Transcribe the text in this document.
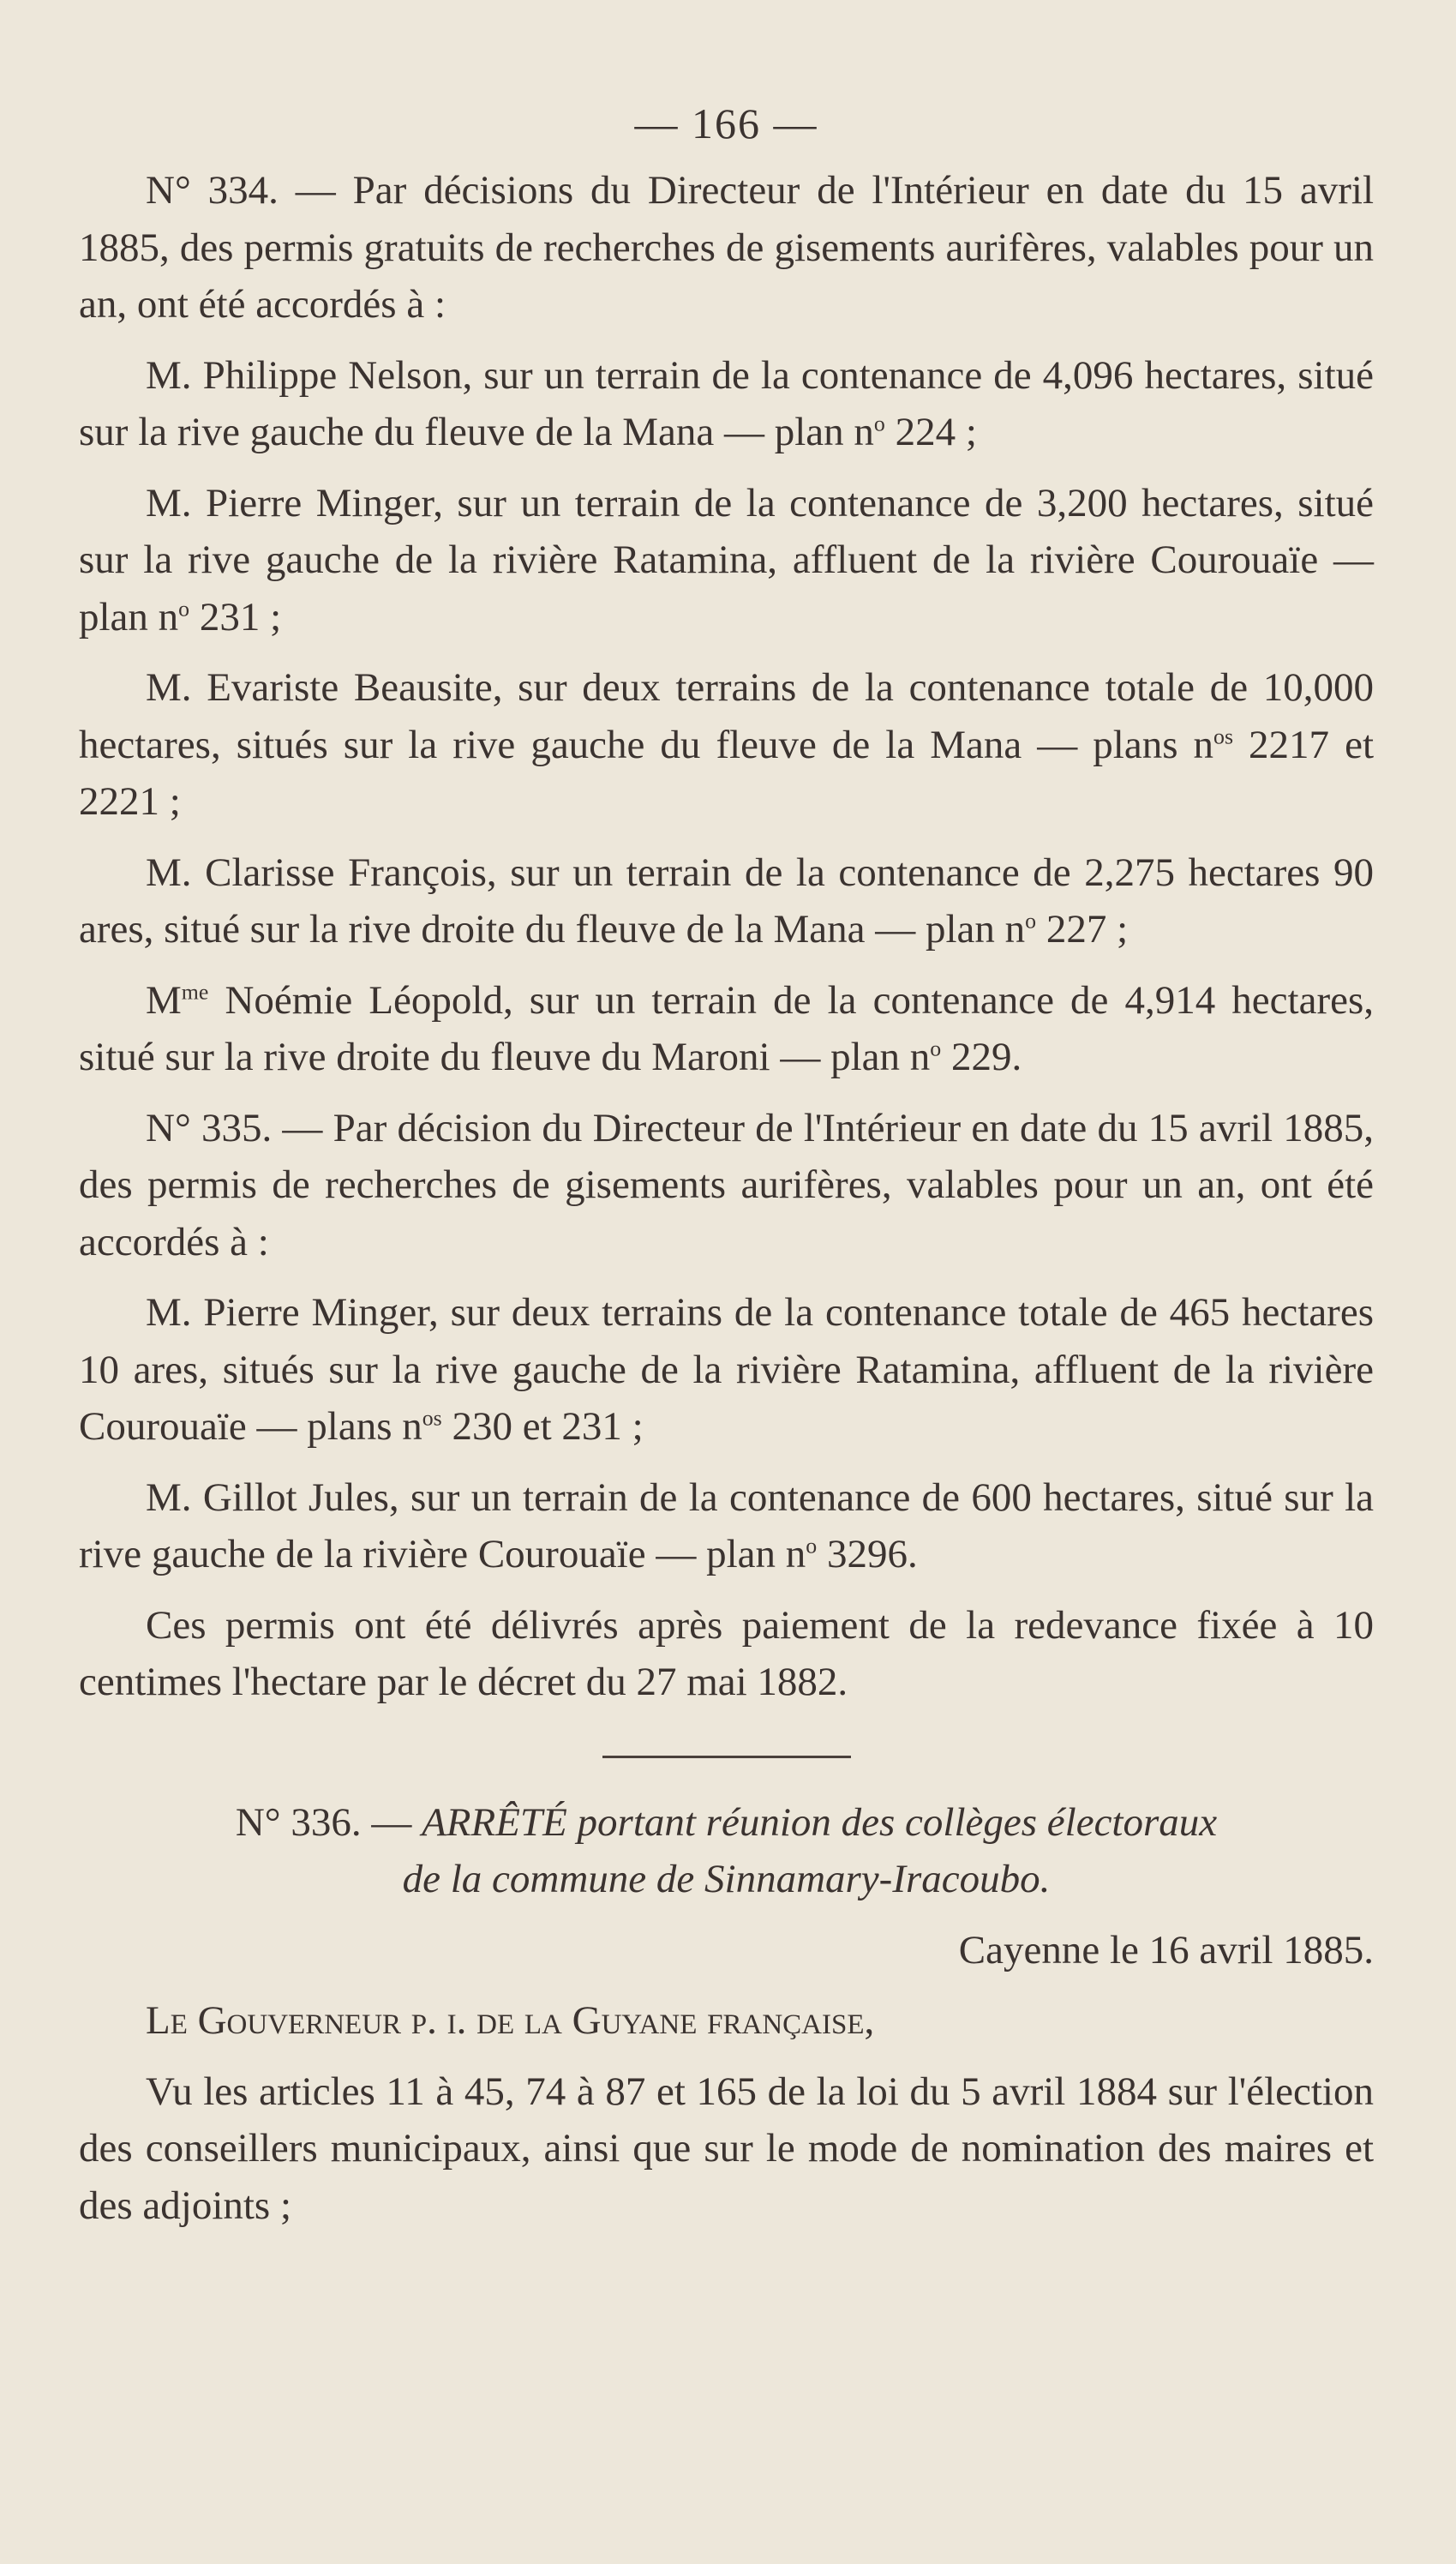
— 166 —

N° 334. — Par décisions du Directeur de l'Intérieur en date du 15 avril 1885, des permis gratuits de recherches de gisements aurifères, valables pour un an, ont été accordés à :

M. Philippe Nelson, sur un terrain de la contenance de 4,096 hectares, situé sur la rive gauche du fleuve de la Mana — plan $n^o$ 224 ;

M. Pierre Minger, sur un terrain de la contenance de 3,200 hectares, situé sur la rive gauche de la rivière Ratamina, affluent de la rivière Courouaïe — plan $n^o$ 231 ;

M. Evariste Beausite, sur deux terrains de la contenance totale de 10,000 hectares, situés sur la rive gauche du fleuve de la Mana — plans $n^{os}$ 2217 et 2221 ;

M. Clarisse François, sur un terrain de la contenance de 2,275 hectares 90 ares, situé sur la rive droite du fleuve de la Mana — plan $n^o$ 227 ;

$M^{me}$ Noémie Léopold, sur un terrain de la contenance de 4,914 hectares, situé sur la rive droite du fleuve du Maroni — plan $n^o$ 229.

N° 335. — Par décision du Directeur de l'Intérieur en date du 15 avril 1885, des permis de recherches de gisements aurifères, valables pour un an, ont été accordés à :

M. Pierre Minger, sur deux terrains de la contenance totale de 465 hectares 10 ares, situés sur la rive gauche de la rivière Ratamina, affluent de la rivière Courouaïe — plans $n^{os}$ 230 et 231 ;

M. Gillot Jules, sur un terrain de la contenance de 600 hectares, situé sur la rive gauche de la rivière Courouaïe — plan $n^o$ 3296.

Ces permis ont été délivrés après paiement de la redevance fixée à 10 centimes l'hectare par le décret du 27 mai 1882.

N° 336. — ARRÊTÉ portant réunion des collèges électoraux

de la commune de Sinnamary-Iracoubo.

Cayenne le 16 avril 1885.

Le Gouverneur p. i. de la Guyane française,

Vu les articles 11 à 45, 74 à 87 et 165 de la loi du 5 avril 1884 sur l'élection des conseillers municipaux, ainsi que sur le mode de nomination des maires et des adjoints ;
